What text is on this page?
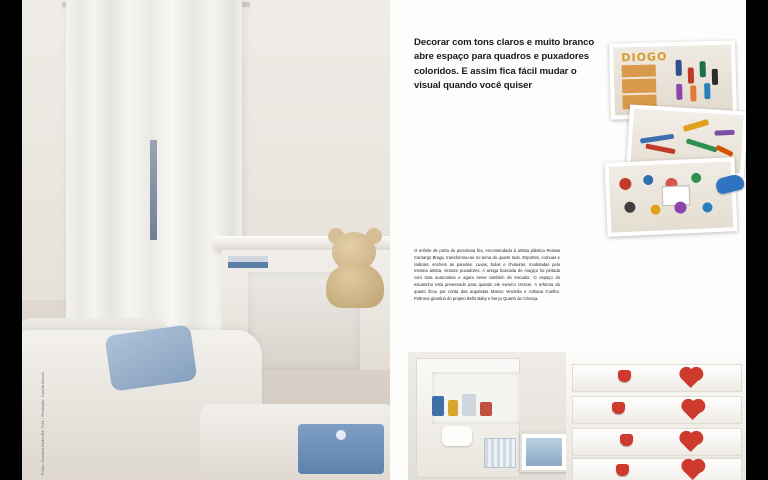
Fotos: Gustavo Bodin/Ed. Três - Produção: Camila Bissoli
Decorar com tons claros e muito branco abre espaço para quadros e puxadores coloridos. E assim fica fácil mudar o visual quando você quiser
DIOGO
O enfeite de porta de porcelana fria, encomendado à artista plástica Renata Camargo Braga, transformou-se no tema do quarto todo. Esportes, cornuas e radicais, enchem as paredes. Luvas, bolas e chuteiras, modeladas pela mesma artista, viraram puxadores. A antiga bancada de magiço foi pintada com tinta automotiva e agora serve também de trocador. O espaço do escaninho está preservado para quando ele mesmo crescer. A reforma do quarto ficou por conta das arquitetas Marivo Venzella e Adriana Coelho. Poltrona giratória do projeto Bello Baby e berço Quarto de Criança.
